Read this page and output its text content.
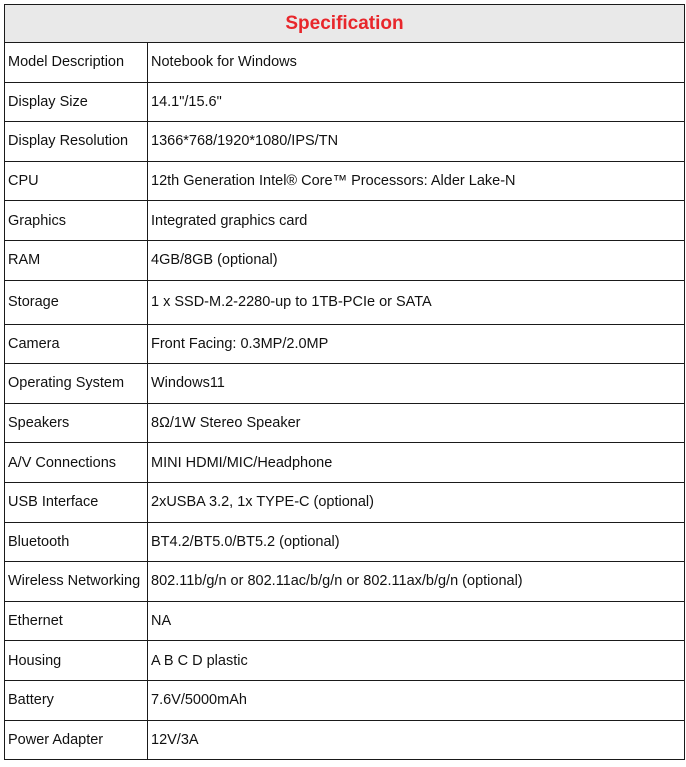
Specification	
Model Description	Notebook for Windows
Display Size	14.1"/15.6"
Display Resolution	1366*768/1920*1080/IPS/TN
CPU	12th Generation Intel® Core™ Processors: Alder Lake-N
Graphics	Integrated graphics card
RAM	4GB/8GB (optional)
Storage	1 x SSD-M.2-2280-up to 1TB-PCIe or SATA
Camera	Front Facing: 0.3MP/2.0MP
Operating System	Windows11
Speakers	8Ω/1W Stereo Speaker
A/V Connections	MINI HDMI/MIC/Headphone
USB Interface	2xUSBA 3.2, 1x TYPE-C (optional)
Bluetooth	BT4.2/BT5.0/BT5.2 (optional)
Wireless Networking	802.11b/g/n or 802.11ac/b/g/n or 802.11ax/b/g/n (optional)
Ethernet	NA
Housing	A B C D plastic
Battery	7.6V/5000mAh
Power Adapter	12V/3A
